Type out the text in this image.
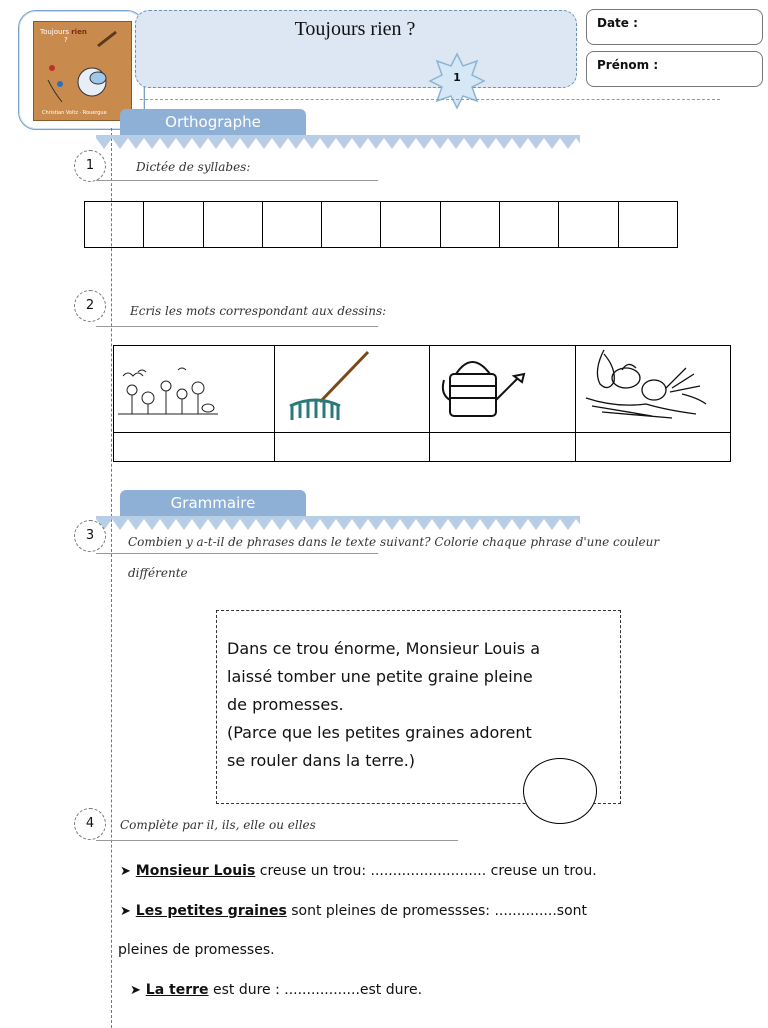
Toujours rien
?
Christian Voltz · Rouergue
Toujours rien ?
1
Date :
Prénom :
Orthographe
1	Dictée de syllabes:
2	Ecris les mots correspondant aux dessins:
Grammaire
3	Combien y a-t-il de phrases dans le texte suivant? Colorie chaque phrase d'une couleur
différente
Dans ce trou énorme, Monsieur Louis a
laissé tomber une petite graine pleine
de promesses.
(Parce que les petites graines adorent
se rouler dans la terre.)
4	Complète par il, ils, elle ou elles
➤ Monsieur Louis creuse un trou: .......................... creuse un trou.
➤ Les petites graines sont pleines de promessses: ..............sont
pleines de promesses.
➤ La terre est dure : .................est dure.
